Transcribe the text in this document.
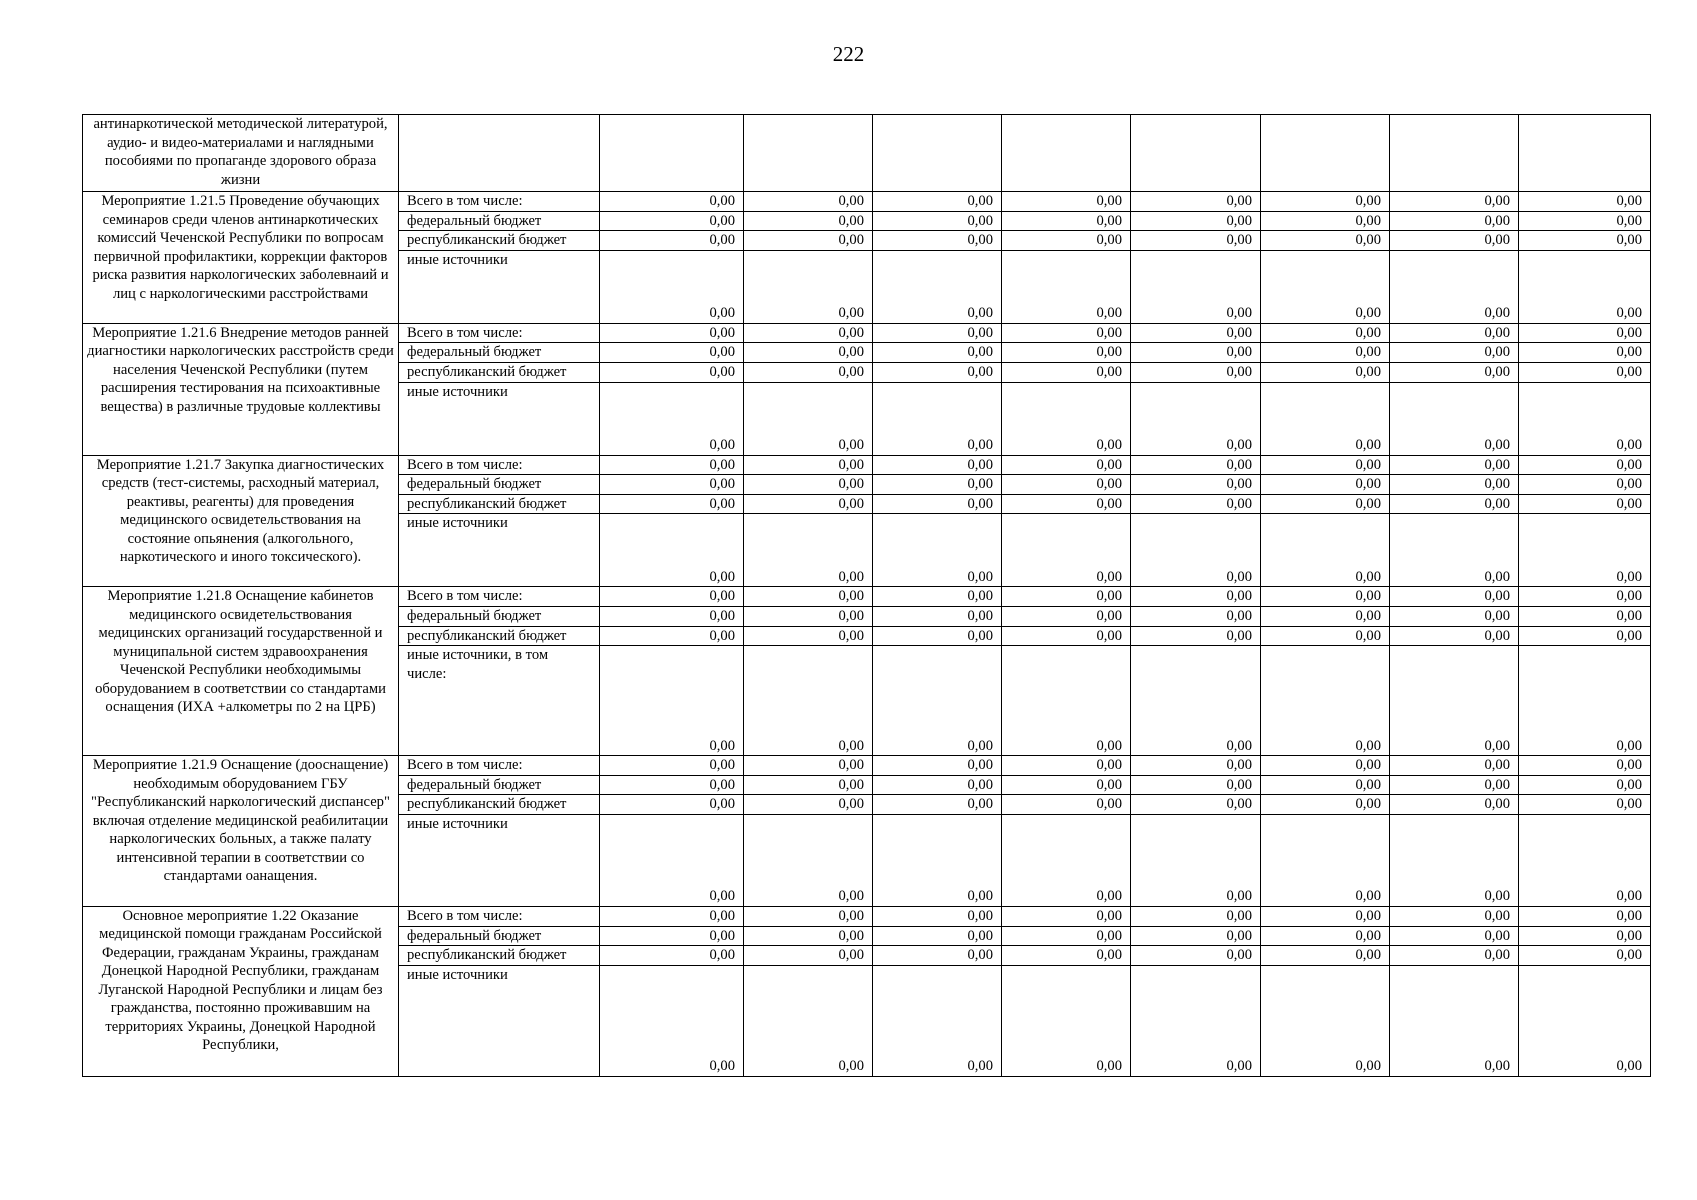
222
антинаркотической методической литературой, аудио- и видео-материалами и наглядными пособиями по пропаганде здорового образа жизни									
Мероприятие 1.21.5 Проведение обучающих семинаров среди членов антинаркотических комиссий Чеченской Республики по вопросам первичной профилактики, коррекции факторов риска развития наркологических заболевнаий и лиц с наркологическими расстройствами	Всего в том числе:	0,00	0,00	0,00	0,00	0,00	0,00	0,00	0,00
	федеральный бюджет	0,00	0,00	0,00	0,00	0,00	0,00	0,00	0,00
	республиканский бюджет	0,00	0,00	0,00	0,00	0,00	0,00	0,00	0,00
	иные источники	0,00	0,00	0,00	0,00	0,00	0,00	0,00	0,00
Мероприятие 1.21.6 Внедрение методов ранней диагностики наркологических расстройств среди населения Чеченской Республики (путем расширения тестирования на психоактивные вещества) в различные трудовые коллективы	Всего в том числе:	0,00	0,00	0,00	0,00	0,00	0,00	0,00	0,00
	федеральный бюджет	0,00	0,00	0,00	0,00	0,00	0,00	0,00	0,00
	республиканский бюджет	0,00	0,00	0,00	0,00	0,00	0,00	0,00	0,00
	иные источники	0,00	0,00	0,00	0,00	0,00	0,00	0,00	0,00
Мероприятие 1.21.7 Закупка диагностических средств (тест-системы, расходный материал, реактивы, реагенты) для проведения медицинского освидетельствования на состояние опьянения (алкогольного, наркотического и иного токсического).	Всего в том числе:	0,00	0,00	0,00	0,00	0,00	0,00	0,00	0,00
	федеральный бюджет	0,00	0,00	0,00	0,00	0,00	0,00	0,00	0,00
	республиканский бюджет	0,00	0,00	0,00	0,00	0,00	0,00	0,00	0,00
	иные источники	0,00	0,00	0,00	0,00	0,00	0,00	0,00	0,00
Мероприятие 1.21.8 Оснащение кабинетов медицинского освидетельствования медицинских организаций государственной и муниципальной систем здравоохранения Чеченской Республики необходимымы оборудованием в соответствии со стандартами оснащения (ИХА +алкометры по 2 на ЦРБ)	Всего в том числе:	0,00	0,00	0,00	0,00	0,00	0,00	0,00	0,00
	федеральный бюджет	0,00	0,00	0,00	0,00	0,00	0,00	0,00	0,00
	республиканский бюджет	0,00	0,00	0,00	0,00	0,00	0,00	0,00	0,00
	иные источники, в том числе:	0,00	0,00	0,00	0,00	0,00	0,00	0,00	0,00
Мероприятие 1.21.9 Оснащение (дооснащение) необходимым оборудованием ГБУ "Республиканский наркологический диспансер" включая отделение медицинской реабилитации наркологических больных, а также палату интенсивной терапии в соответствии со стандартами оанащения.	Всего в том числе:	0,00	0,00	0,00	0,00	0,00	0,00	0,00	0,00
	федеральный бюджет	0,00	0,00	0,00	0,00	0,00	0,00	0,00	0,00
	республиканский бюджет	0,00	0,00	0,00	0,00	0,00	0,00	0,00	0,00
	иные источники	0,00	0,00	0,00	0,00	0,00	0,00	0,00	0,00
Основное мероприятие 1.22 Оказание медицинской помощи гражданам Российской Федерации, гражданам Украины, гражданам Донецкой Народной Республики, гражданам Луганской Народной Республики и лицам без гражданства, постоянно проживавшим на территориях Украины, Донецкой Народной Республики,	Всего в том числе:	0,00	0,00	0,00	0,00	0,00	0,00	0,00	0,00
	федеральный бюджет	0,00	0,00	0,00	0,00	0,00	0,00	0,00	0,00
	республиканский бюджет	0,00	0,00	0,00	0,00	0,00	0,00	0,00	0,00
	иные источники	0,00	0,00	0,00	0,00	0,00	0,00	0,00	0,00
